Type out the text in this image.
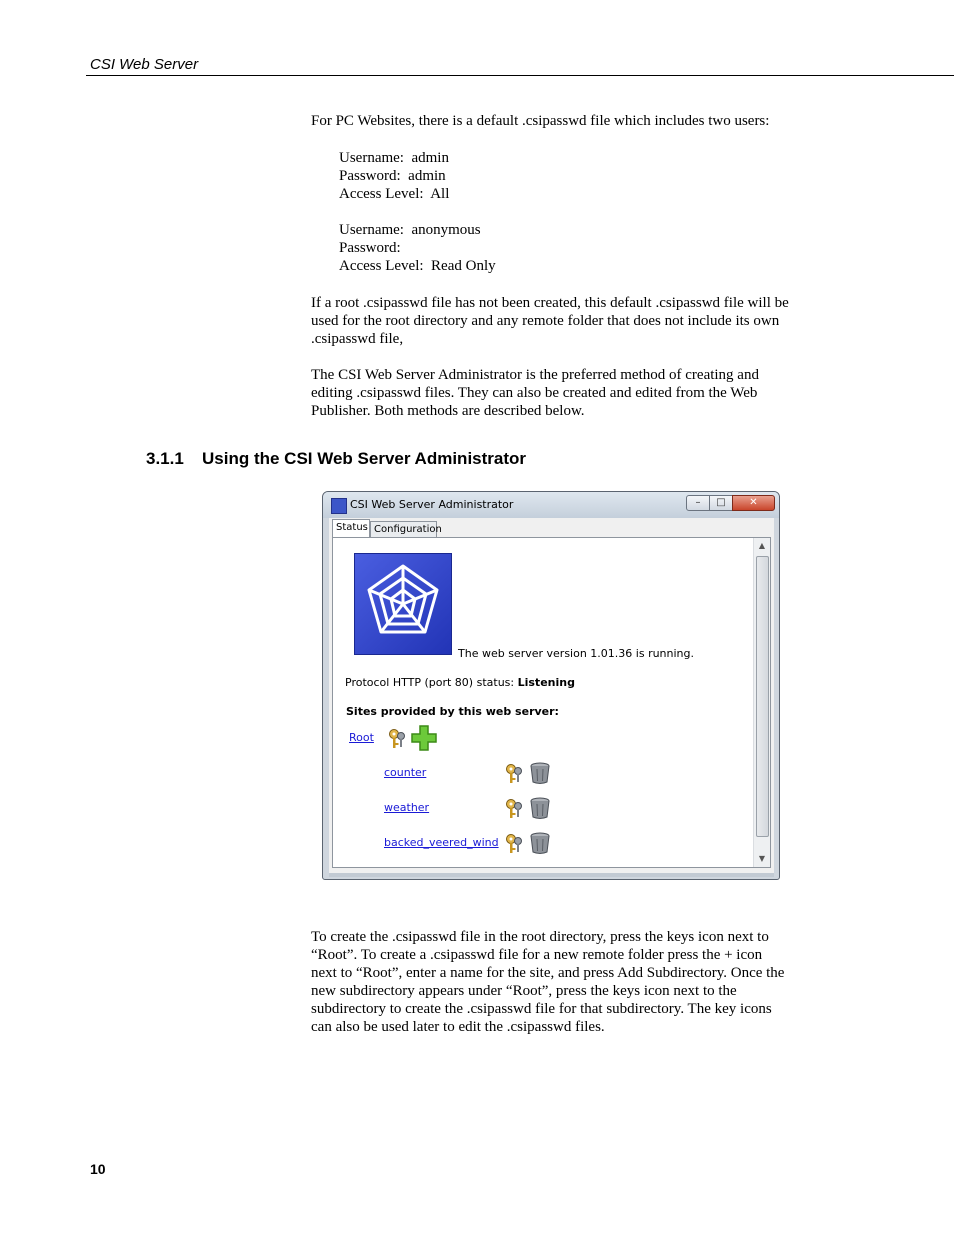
CSI Web Server

For PC Websites, there is a default .csipasswd file which includes two users:

Username:  admin
Password:  admin
Access Level:  All
Username:  anonymous
Password:
Access Level:  Read Only

If a root .csipasswd file has not been created, this default .csipasswd file will be

used for the root directory and any remote folder that does not include its own

.csipasswd file,

The CSI Web Server Administrator is the preferred method of creating and

editing .csipasswd files. They can also be created and edited from the Web

Publisher. Both methods are described below.

3.1.1 Using the CSI Web Server Administrator
CSI Web Server Administrator	–	□	✕
Configuration
Status
The web server version 1.01.36 is running.
Protocol HTTP (port 80) status: Listening
Sites provided by this web server:
Root
counter
weather
backed_veered_wind
▲
▼

To create the .csipasswd file in the root directory, press the keys icon next to

“Root”. To create a .csipasswd file for a new remote folder press the + icon

next to “Root”, enter a name for the site, and press Add Subdirectory. Once the

new subdirectory appears under “Root”, press the keys icon next to the

subdirectory to create the .csipasswd file for that subdirectory. The key icons

can also be used later to edit the .csipasswd files.

10
